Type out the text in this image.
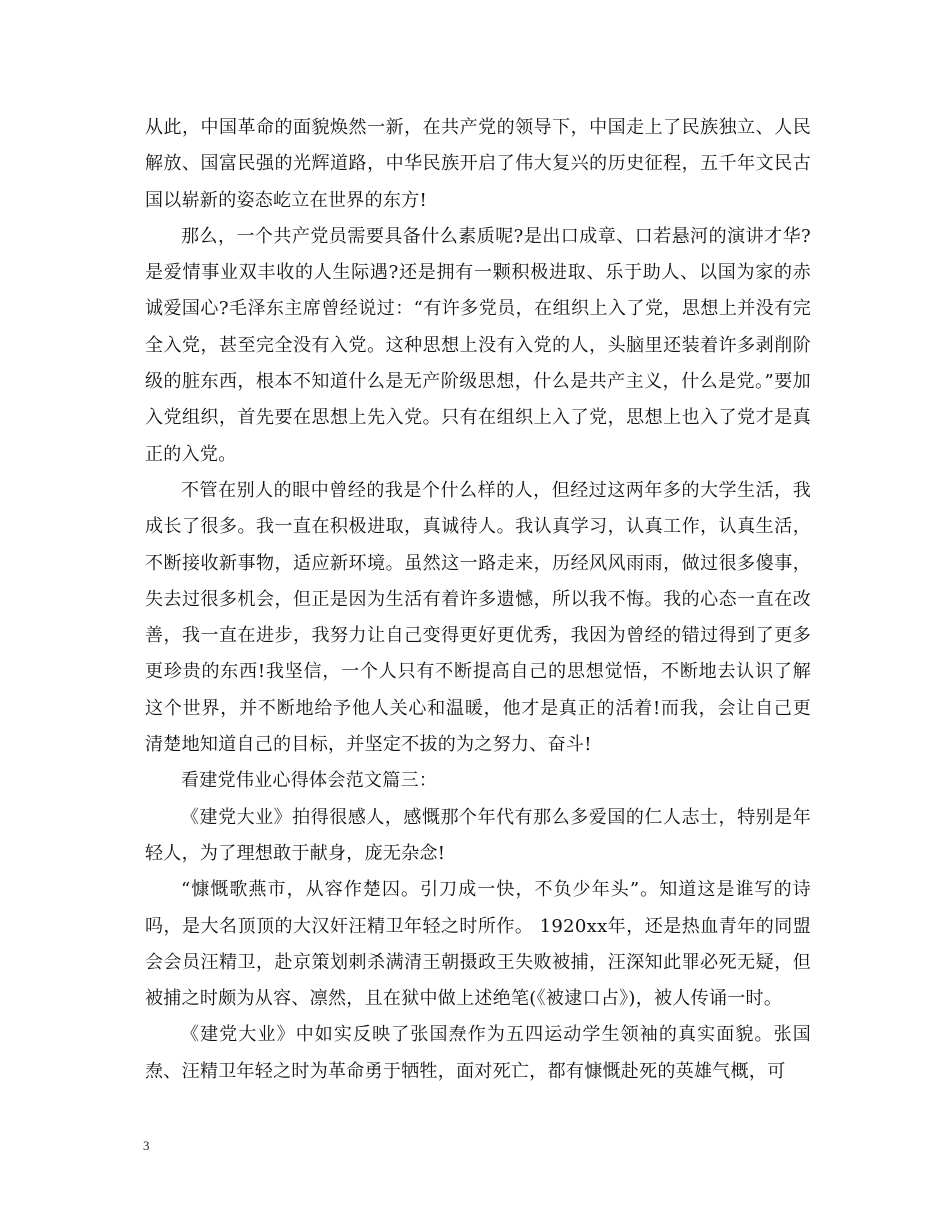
从此，中国革命的面貌焕然一新，在共产党的领导下，中国走上了民族独立、人民解放、国富民强的光辉道路，中华民族开启了伟大复兴的历史征程，五千年文民古国以崭新的姿态屹立在世界的东方!

那么，一个共产党员需要具备什么素质呢?是出口成章、口若悬河的演讲才华?是爱情事业双丰收的人生际遇?还是拥有一颗积极进取、乐于助人、以国为家的赤诚爱国心?毛泽东主席曾经说过：“有许多党员，在组织上入了党，思想上并没有完全入党，甚至完全没有入党。这种思想上没有入党的人，头脑里还装着许多剥削阶级的脏东西，根本不知道什么是无产阶级思想，什么是共产主义，什么是党。”要加入党组织，首先要在思想上先入党。只有在组织上入了党，思想上也入了党才是真正的入党。

不管在别人的眼中曾经的我是个什么样的人，但经过这两年多的大学生活，我成长了很多。我一直在积极进取，真诚待人。我认真学习，认真工作，认真生活，不断接收新事物，适应新环境。虽然这一路走来，历经风风雨雨，做过很多傻事，失去过很多机会，但正是因为生活有着许多遗憾，所以我不悔。我的心态一直在改善，我一直在进步，我努力让自己变得更好更优秀，我因为曾经的错过得到了更多更珍贵的东西!我坚信，一个人只有不断提高自己的思想觉悟，不断地去认识了解这个世界，并不断地给予他人关心和温暖，他才是真正的活着!而我，会让自己更清楚地知道自己的目标，并坚定不拔的为之努力、奋斗!

看建党伟业心得体会范文篇三：

《建党大业》拍得很感人，感慨那个年代有那么多爱国的仁人志士，特别是年轻人，为了理想敢于献身，庞无杂念!

“慷慨歌燕市，从容作楚囚。引刀成一快，不负少年头”。知道这是谁写的诗吗，是大名顶顶的大汉奸汪精卫年轻之时所作。 1920xx年，还是热血青年的同盟会会员汪精卫，赴京策划刺杀满清王朝摄政王失败被捕，汪深知此罪必死无疑，但被捕之时颇为从容、凛然，且在狱中做上述绝笔(《被逮口占》)，被人传诵一时。

《建党大业》中如实反映了张国焘作为五四运动学生领袖的真实面貌。张国焘、汪精卫年轻之时为革命勇于牺牲，面对死亡，都有慷慨赴死的英雄气概，可

3
